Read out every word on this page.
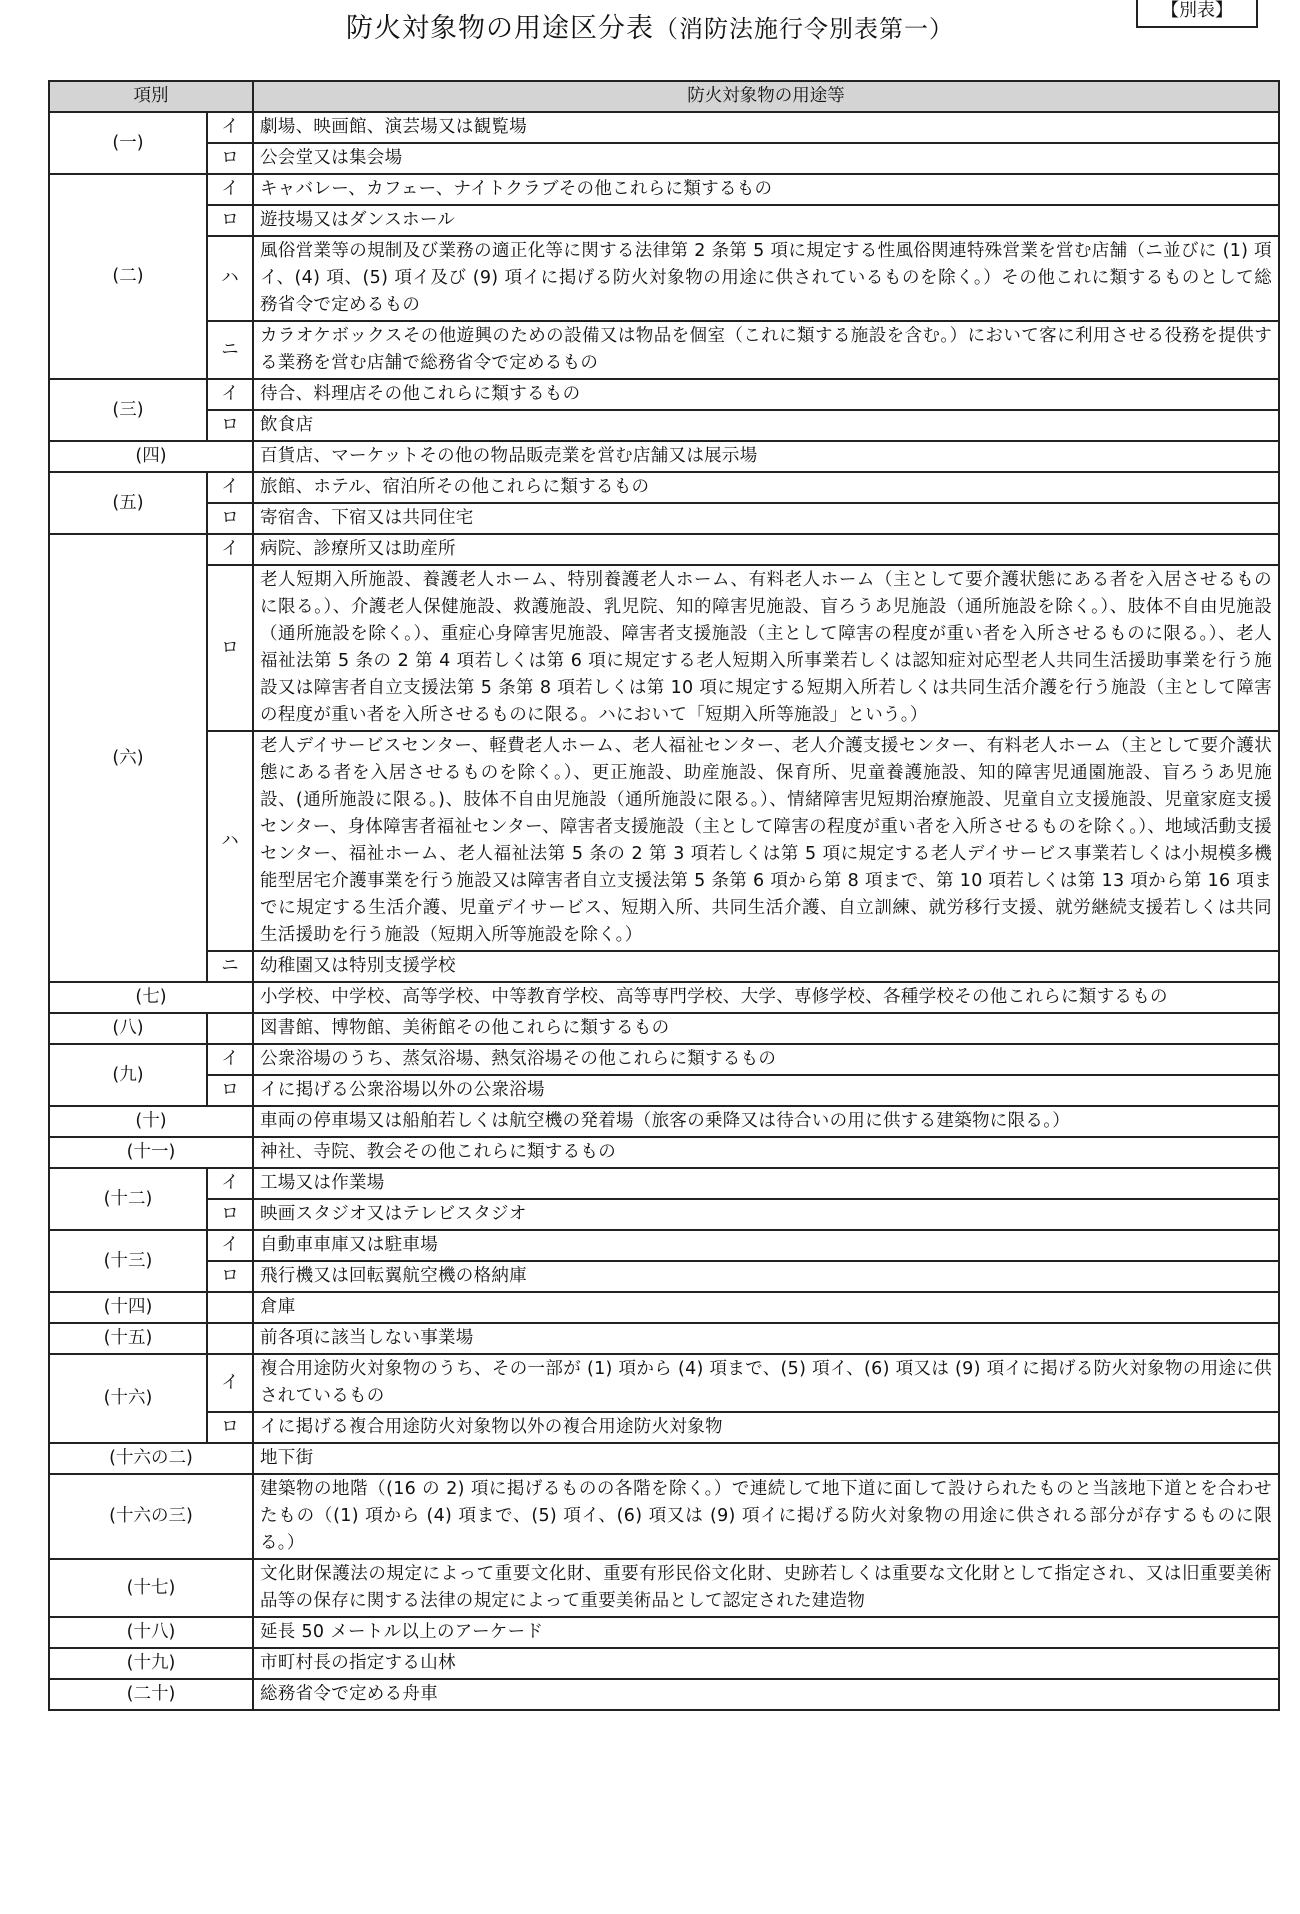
防火対象物の用途区分表（消防法施行令別表第一）
【別表】
項別		防火対象物の用途等
(一)	イ	劇場、映画館、演芸場又は観覧場
	ロ	公会堂又は集会場
(二)	イ	キャバレー、カフェー、ナイトクラブその他これらに類するもの
	ロ	遊技場又はダンスホール
	ハ	風俗営業等の規制及び業務の適正化等に関する法律第 2 条第 5 項に規定する性風俗関連特殊営業を営む店舗（ニ並びに (1) 項イ、(4) 項、(5) 項イ及び (9) 項イに掲げる防火対象物の用途に供されているものを除く。）その他これに類するものとして総務省令で定めるもの
	ニ	カラオケボックスその他遊興のための設備又は物品を個室（これに類する施設を含む。）において客に利用させる役務を提供する業務を営む店舗で総務省令で定めるもの
(三)	イ	待合、料理店その他これらに類するもの
	ロ	飲食店
(四)		百貨店、マーケットその他の物品販売業を営む店舗又は展示場
(五)	イ	旅館、ホテル、宿泊所その他これらに類するもの
	ロ	寄宿舎、下宿又は共同住宅
(六)	イ	病院、診療所又は助産所
	ロ	老人短期入所施設、養護老人ホーム、特別養護老人ホーム、有料老人ホーム（主として要介護状態にある者を入居させるものに限る。）、介護老人保健施設、救護施設、乳児院、知的障害児施設、盲ろうあ児施設（通所施設を除く。）、肢体不自由児施設（通所施設を除く。）、重症心身障害児施設、障害者支援施設（主として障害の程度が重い者を入所させるものに限る。）、老人福祉法第 5 条の 2 第 4 項若しくは第 6 項に規定する老人短期入所事業若しくは認知症対応型老人共同生活援助事業を行う施設又は障害者自立支援法第 5 条第 8 項若しくは第 10 項に規定する短期入所若しくは共同生活介護を行う施設（主として障害の程度が重い者を入所させるものに限る。ハにおいて「短期入所等施設」という。）
	ハ	老人デイサービスセンター、軽費老人ホーム、老人福祉センター、老人介護支援センター、有料老人ホーム（主として要介護状態にある者を入居させるものを除く。）、更正施設、助産施設、保育所、児童養護施設、知的障害児通園施設、盲ろうあ児施設、(通所施設に限る。)、肢体不自由児施設（通所施設に限る。）、情緒障害児短期治療施設、児童自立支援施設、児童家庭支援センター、身体障害者福祉センター、障害者支援施設（主として障害の程度が重い者を入所させるものを除く。）、地域活動支援センター、福祉ホーム、老人福祉法第 5 条の 2 第 3 項若しくは第 5 項に規定する老人デイサービス事業若しくは小規模多機能型居宅介護事業を行う施設又は障害者自立支援法第 5 条第 6 項から第 8 項まで、第 10 項若しくは第 13 項から第 16 項までに規定する生活介護、児童デイサービス、短期入所、共同生活介護、自立訓練、就労移行支援、就労継続支援若しくは共同生活援助を行う施設（短期入所等施設を除く。）
	ニ	幼稚園又は特別支援学校
(七)		小学校、中学校、高等学校、中等教育学校、高等専門学校、大学、専修学校、各種学校その他これらに類するもの
(八)		図書館、博物館、美術館その他これらに類するもの
(九)	イ	公衆浴場のうち、蒸気浴場、熱気浴場その他これらに類するもの
	ロ	イに掲げる公衆浴場以外の公衆浴場
(十)		車両の停車場又は船舶若しくは航空機の発着場（旅客の乗降又は待合いの用に供する建築物に限る。）
(十一)		神社、寺院、教会その他これらに類するもの
(十二)	イ	工場又は作業場
	ロ	映画スタジオ又はテレビスタジオ
(十三)	イ	自動車車庫又は駐車場
	ロ	飛行機又は回転翼航空機の格納庫
(十四)		倉庫
(十五)		前各項に該当しない事業場
(十六)	イ	複合用途防火対象物のうち、その一部が (1) 項から (4) 項まで、(5) 項イ、(6) 項又は (9) 項イに掲げる防火対象物の用途に供されているもの
	ロ	イに掲げる複合用途防火対象物以外の複合用途防火対象物
(十六の二)		地下街
(十六の三)		建築物の地階（(16 の 2) 項に掲げるものの各階を除く。）で連続して地下道に面して設けられたものと当該地下道とを合わせたもの（(1) 項から (4) 項まで、(5) 項イ、(6) 項又は (9) 項イに掲げる防火対象物の用途に供される部分が存するものに限る。）
(十七)		文化財保護法の規定によって重要文化財、重要有形民俗文化財、史跡若しくは重要な文化財として指定され、又は旧重要美術品等の保存に関する法律の規定によって重要美術品として認定された建造物
(十八)		延長 50 メートル以上のアーケード
(十九)		市町村長の指定する山林
(二十)		総務省令で定める舟車
